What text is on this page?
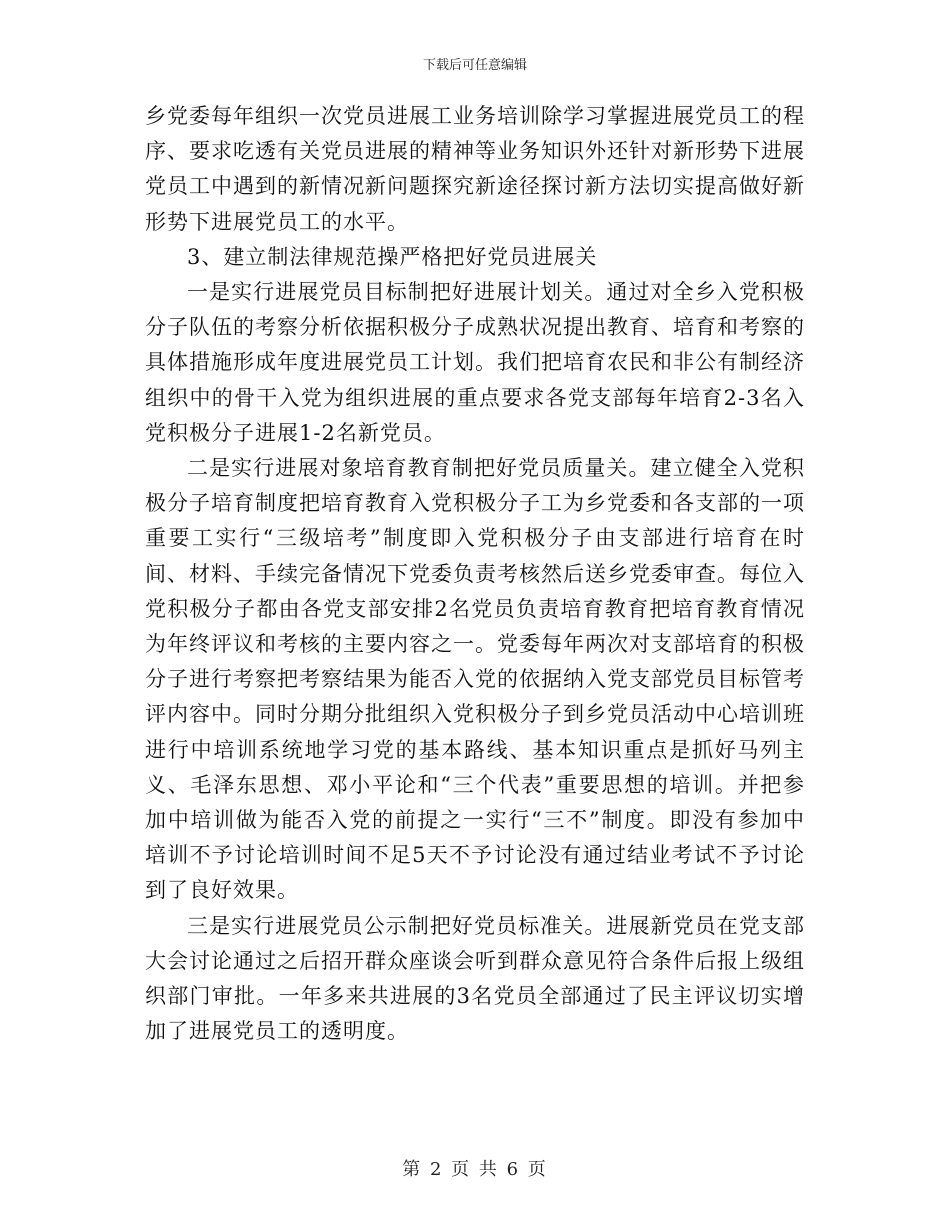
下载后可任意编辑

乡党委每年组织一次党员进展工业务培训除学习掌握进展党员工的程序、要求吃透有关党员进展的精神等业务知识外还针对新形势下进展党员工中遇到的新情况新问题探究新途径探讨新方法切实提高做好新形势下进展党员工的水平。

3、建立制法律规范操严格把好党员进展关

一是实行进展党员目标制把好进展计划关。通过对全乡入党积极分子队伍的考察分析依据积极分子成熟状况提出教育、培育和考察的具体措施形成年度进展党员工计划。我们把培育农民和非公有制经济组织中的骨干入党为组织进展的重点要求各党支部每年培育2-3名入党积极分子进展1-2名新党员。

二是实行进展对象培育教育制把好党员质量关。建立健全入党积极分子培育制度把培育教育入党积极分子工为乡党委和各支部的一项重要工实行“三级培考”制度即入党积极分子由支部进行培育在时间、材料、手续完备情况下党委负责考核然后送乡党委审查。每位入党积极分子都由各党支部安排2名党员负责培育教育把培育教育情况为年终评议和考核的主要内容之一。党委每年两次对支部培育的积极分子进行考察把考察结果为能否入党的依据纳入党支部党员目标管考评内容中。同时分期分批组织入党积极分子到乡党员活动中心培训班进行中培训系统地学习党的基本路线、基本知识重点是抓好马列主义、毛泽东思想、邓小平论和“三个代表”重要思想的培训。并把参加中培训做为能否入党的前提之一实行“三不”制度。即没有参加中培训不予讨论培训时间不足5天不予讨论没有通过结业考试不予讨论到了良好效果。

三是实行进展党员公示制把好党员标准关。进展新党员在党支部大会讨论通过之后招开群众座谈会听到群众意见符合条件后报上级组织部门审批。一年多来共进展的3名党员全部通过了民主评议切实增加了进展党员工的透明度。

第 2 页 共 6 页
